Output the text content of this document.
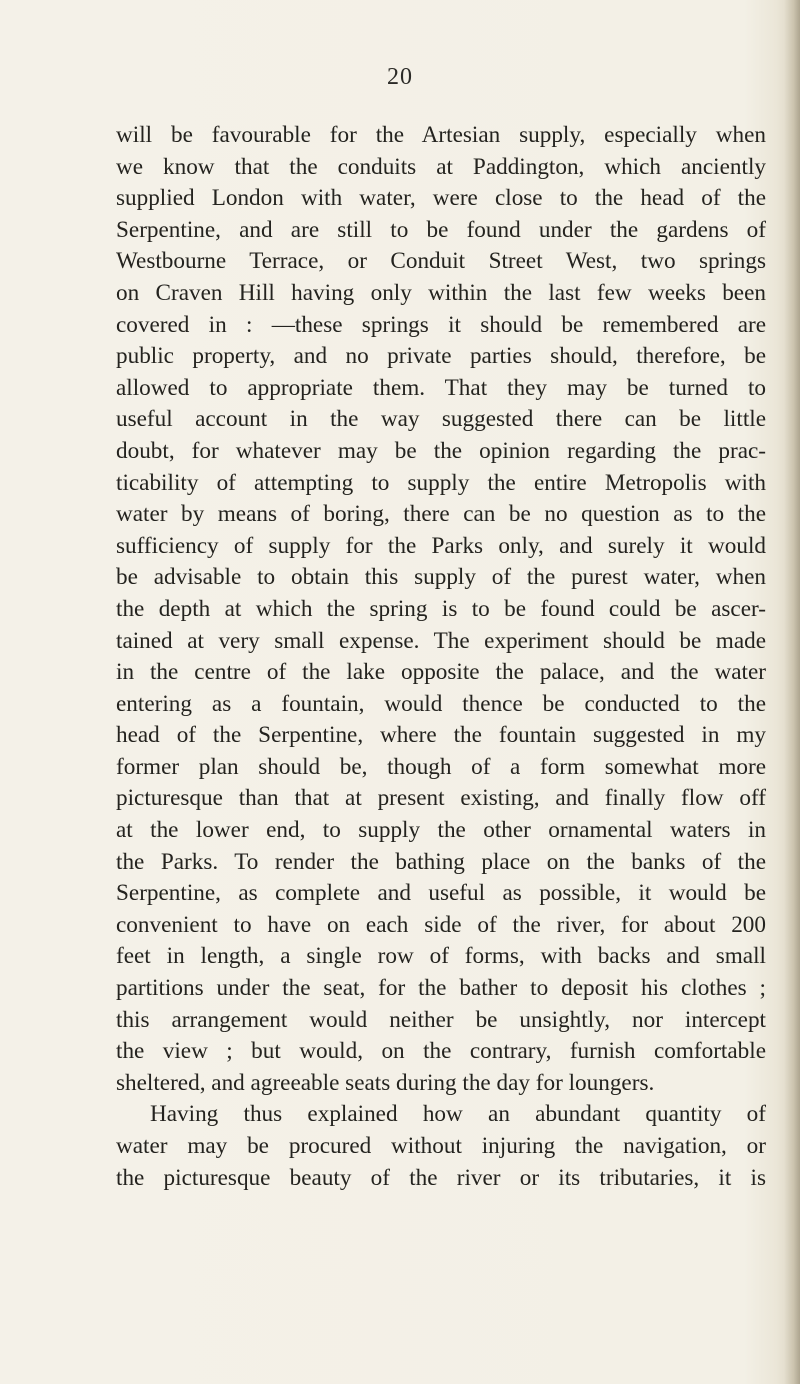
20
will be favourable for the Artesian supply, especially when
we know that the conduits at Paddington, which anciently
supplied London with water, were close to the head of the
Serpentine, and are still to be found under the gardens of
Westbourne Terrace, or Conduit Street West, two springs
on Craven Hill having only within the last few weeks been
covered in : —these springs it should be remembered are
public property, and no private parties should, therefore, be
allowed to appropriate them. That they may be turned to
useful account in the way suggested there can be little
doubt, for whatever may be the opinion regarding the prac-
ticability of attempting to supply the entire Metropolis with
water by means of boring, there can be no question as to the
sufficiency of supply for the Parks only, and surely it would
be advisable to obtain this supply of the purest water, when
the depth at which the spring is to be found could be ascer-
tained at very small expense. The experiment should be made
in the centre of the lake opposite the palace, and the water
entering as a fountain, would thence be conducted to the
head of the Serpentine, where the fountain suggested in my
former plan should be, though of a form somewhat more
picturesque than that at present existing, and finally flow off
at the lower end, to supply the other ornamental waters in
the Parks. To render the bathing place on the banks of the
Serpentine, as complete and useful as possible, it would be
convenient to have on each side of the river, for about 200
feet in length, a single row of forms, with backs and small
partitions under the seat, for the bather to deposit his clothes ;
this arrangement would neither be unsightly, nor intercept
the view ; but would, on the contrary, furnish comfortable
sheltered, and agreeable seats during the day for loungers.
Having thus explained how an abundant quantity of
water may be procured without injuring the navigation, or
the picturesque beauty of the river or its tributaries, it is
